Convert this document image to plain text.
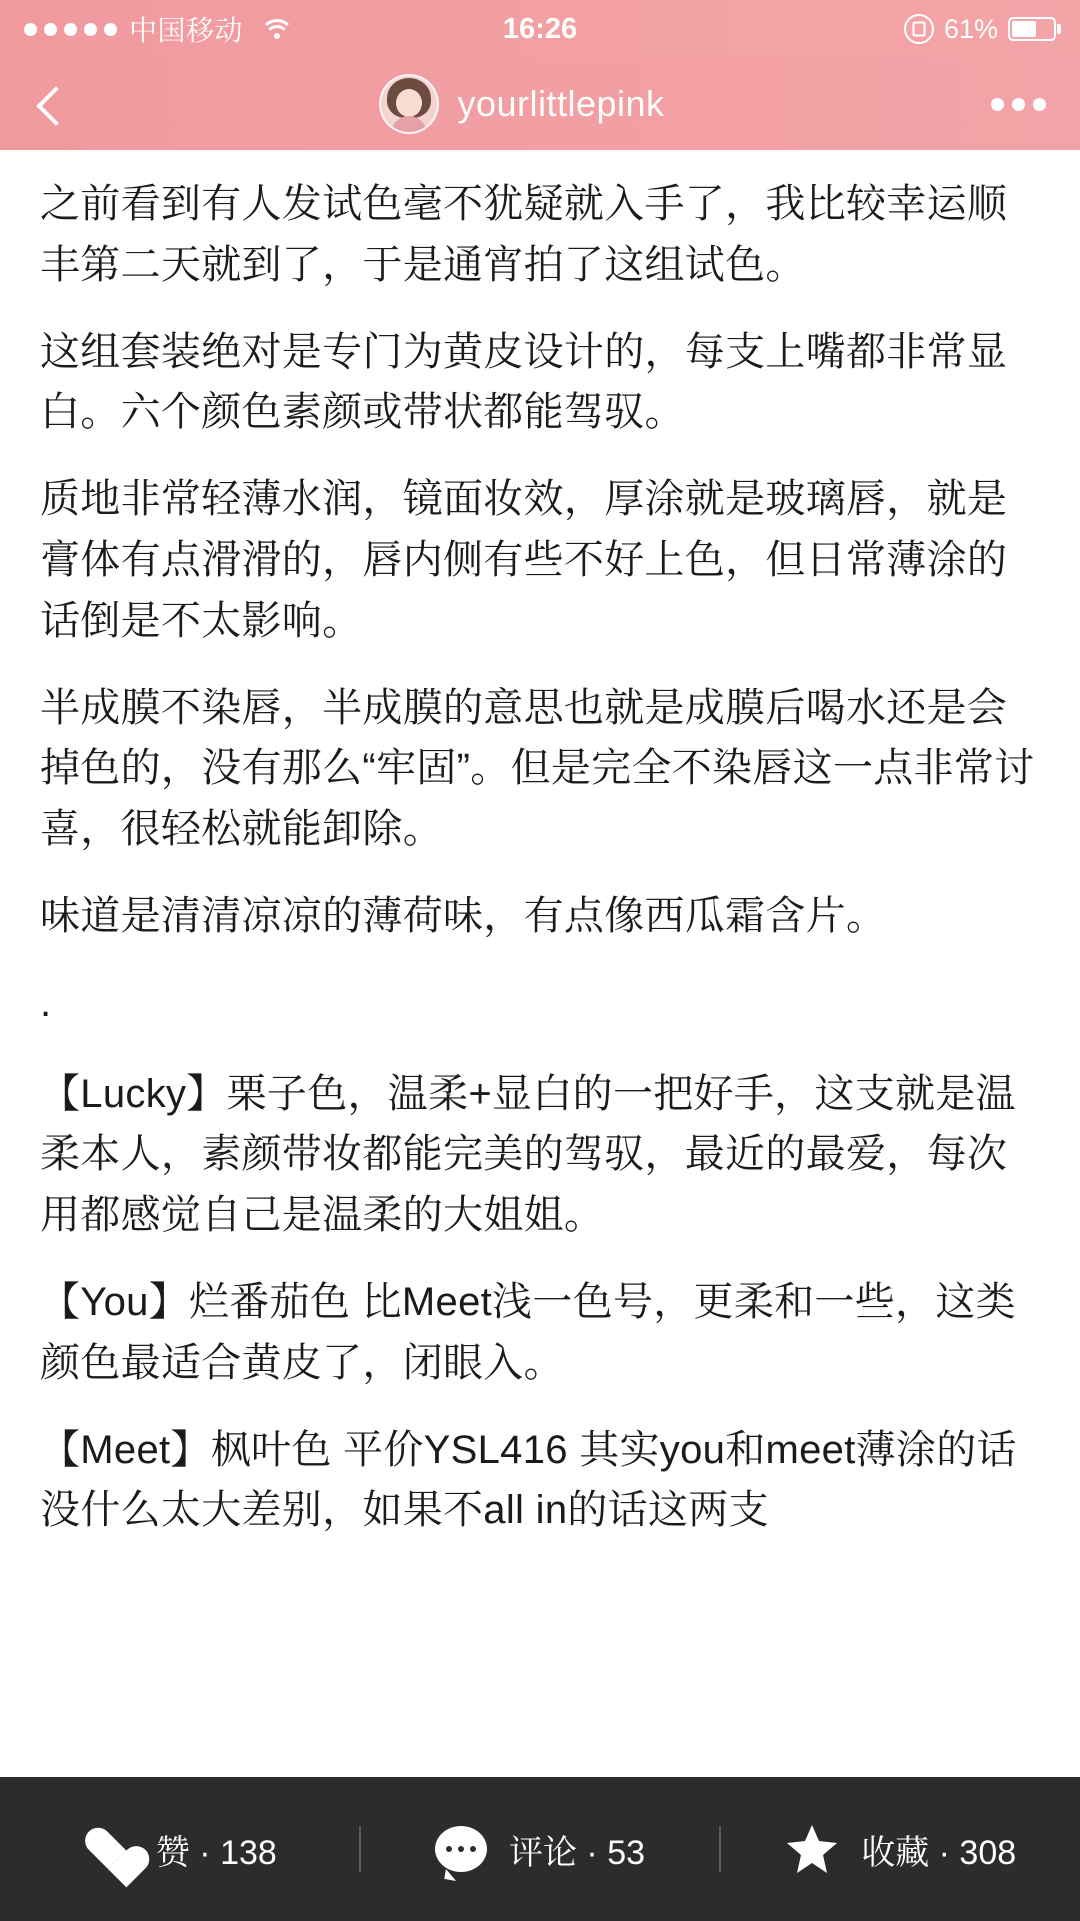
中国移动	16:26	61%
yourlittlepink

之前看到有人发试色毫不犹疑就入手了，我比较幸运顺丰第二天就到了，于是通宵拍了这组试色。

这组套装绝对是专门为黄皮设计的，每支上嘴都非常显白。六个颜色素颜或带状都能驾驭。

质地非常轻薄水润，镜面妆效，厚涂就是玻璃唇，就是膏体有点滑滑的，唇内侧有些不好上色，但日常薄涂的话倒是不太影响。

半成膜不染唇，半成膜的意思也就是成膜后喝水还是会掉色的，没有那么“牢固”。但是完全不染唇这一点非常讨喜，很轻松就能卸除。

味道是清清凉凉的薄荷味，有点像西瓜霜含片。

.

【Lucky】栗子色，温柔+显白的一把好手，这支就是温柔本人，素颜带妆都能完美的驾驭，最近的最爱，每次用都感觉自己是温柔的大姐姐。

【You】烂番茄色 比Meet浅一色号，更柔和一些，这类颜色最适合黄皮了，闭眼入。

【Meet】枫叶色 平价YSL416 其实you和meet薄涂的话没什么太大差别，如果不all in的话这两支

赞 · 138	评论 · 53	收藏 · 308
